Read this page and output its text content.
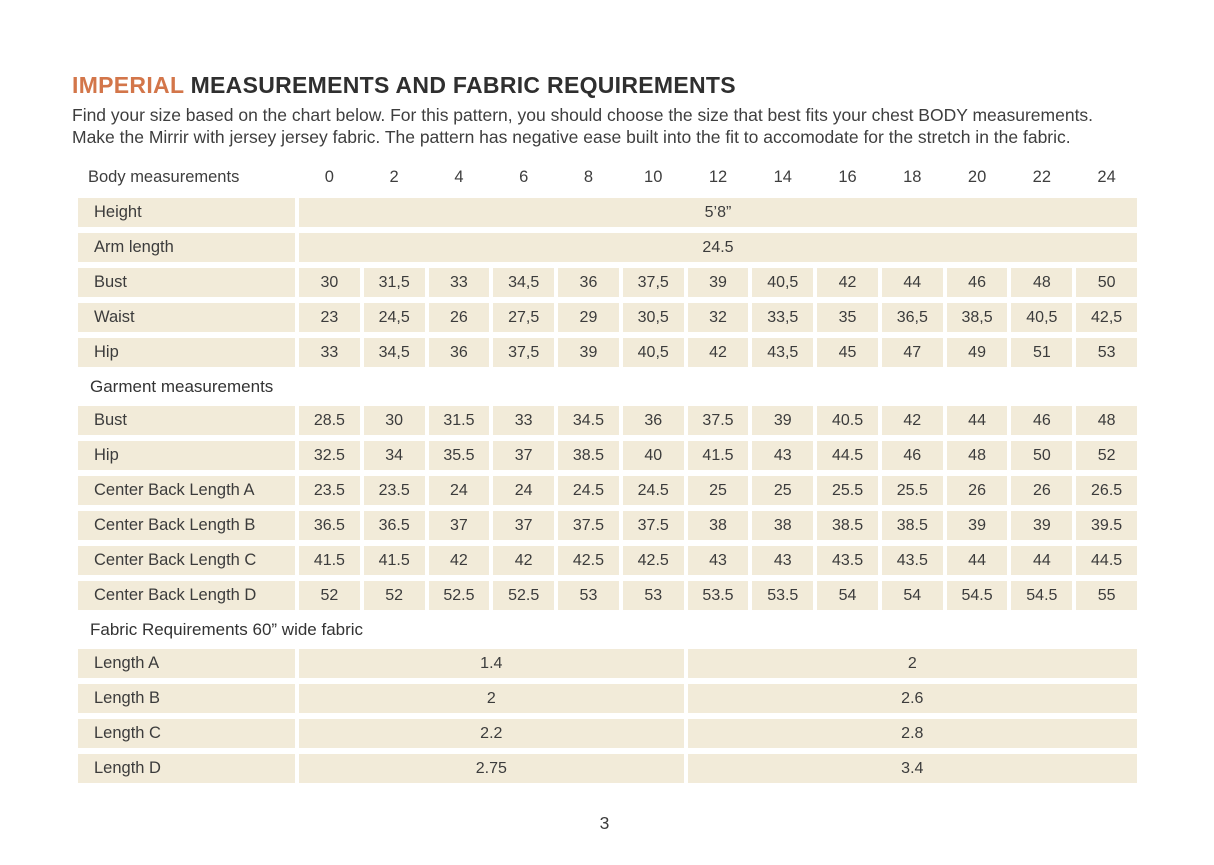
IMPERIAL MEASUREMENTS AND FABRIC REQUIREMENTS

Find your size based on the chart below. For this pattern, you should choose the size that best fits your chest BODY measurements.

Make the Mirrir with jersey jersey fabric. The pattern has negative ease built into the fit to accomodate for the stretch in the fabric.

Body measurements	0	2	4	6	8	10	12	14	16	18	20	22	24
Height	5’8”
Arm length	24.5
Bust	30	31,5	33	34,5	36	37,5	39	40,5	42	44	46	48	50
Waist	23	24,5	26	27,5	29	30,5	32	33,5	35	36,5	38,5	40,5	42,5
Hip	33	34,5	36	37,5	39	40,5	42	43,5	45	47	49	51	53
Garment measurements
Bust	28.5	30	31.5	33	34.5	36	37.5	39	40.5	42	44	46	48
Hip	32.5	34	35.5	37	38.5	40	41.5	43	44.5	46	48	50	52
Center Back Length A	23.5	23.5	24	24	24.5	24.5	25	25	25.5	25.5	26	26	26.5
Center Back Length B	36.5	36.5	37	37	37.5	37.5	38	38	38.5	38.5	39	39	39.5
Center Back Length C	41.5	41.5	42	42	42.5	42.5	43	43	43.5	43.5	44	44	44.5
Center Back Length D	52	52	52.5	52.5	53	53	53.5	53.5	54	54	54.5	54.5	55
Fabric Requirements 60” wide fabric
Length A	1.4	2
Length B	2	2.6
Length C	2.2	2.8
Length D	2.75	3.4
3
